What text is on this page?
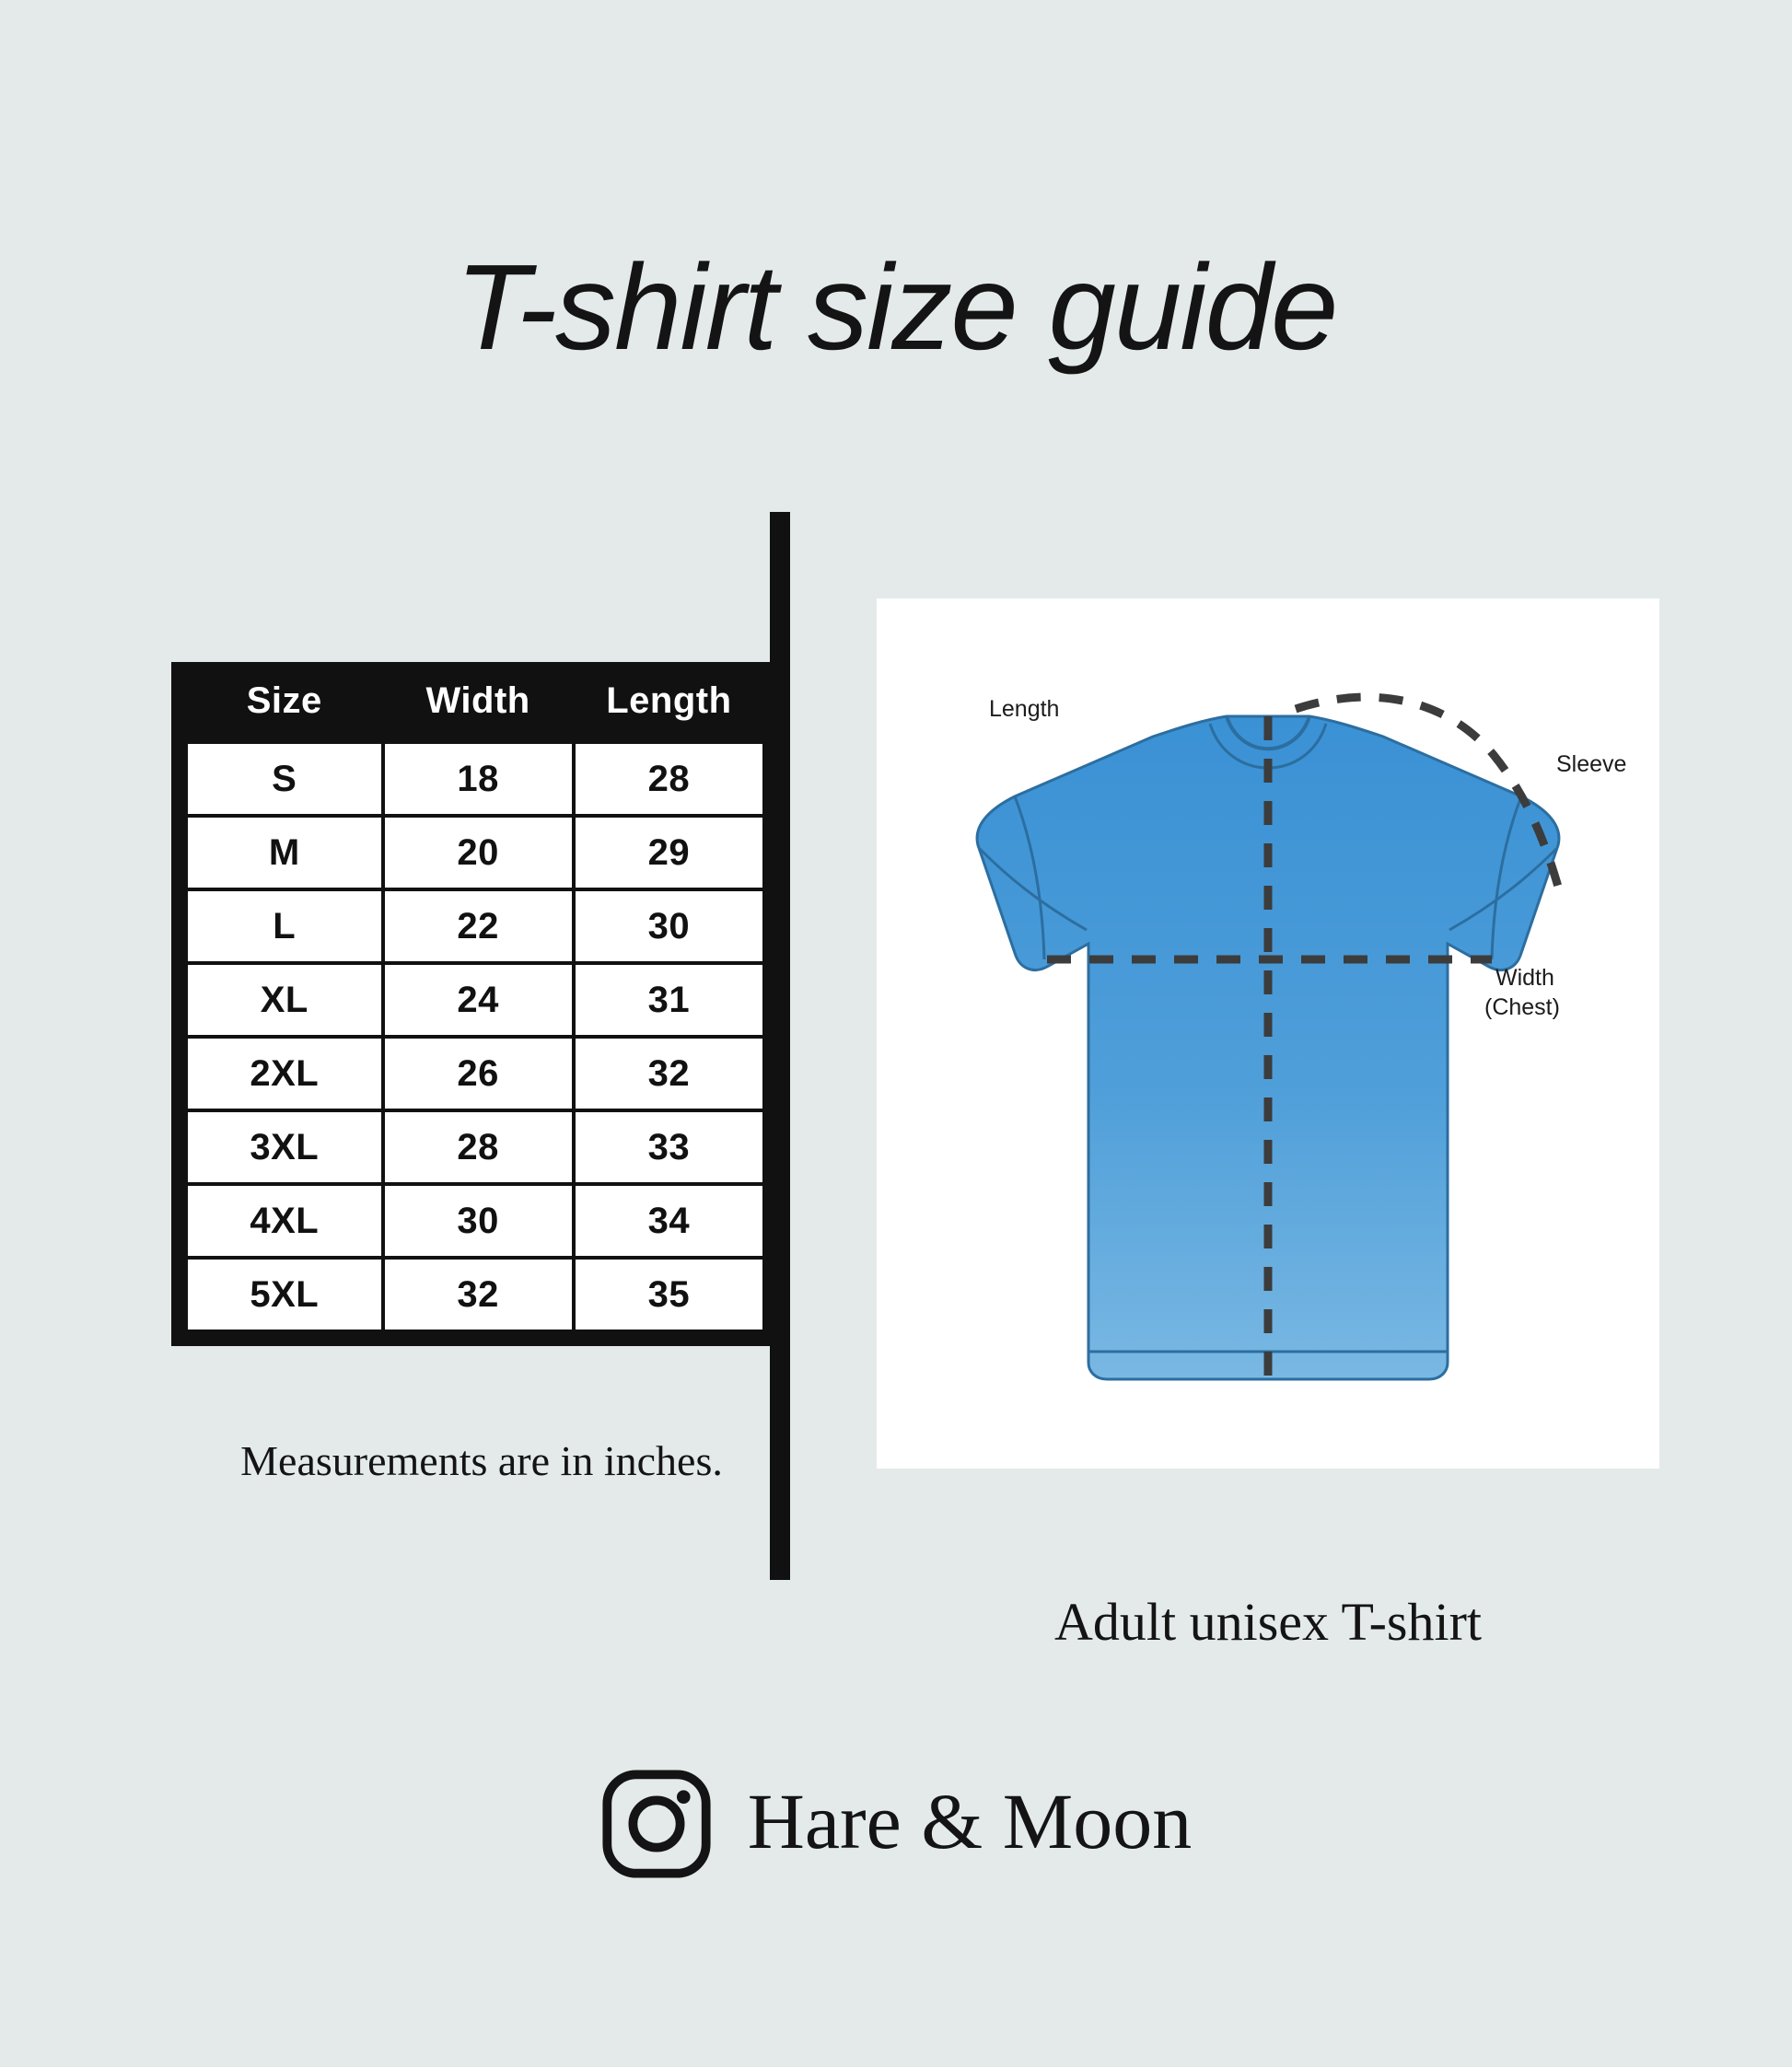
T-shirt size guide
Size	Width	Length
S	18	28
M	20	29
L	22	30
XL	24	31
2XL	26	32
3XL	28	33
4XL	30	34
5XL	32	35
Measurements are in inches.
Length
Sleeve
Width
(Chest)
Adult unisex T-shirt
Hare & Moon
